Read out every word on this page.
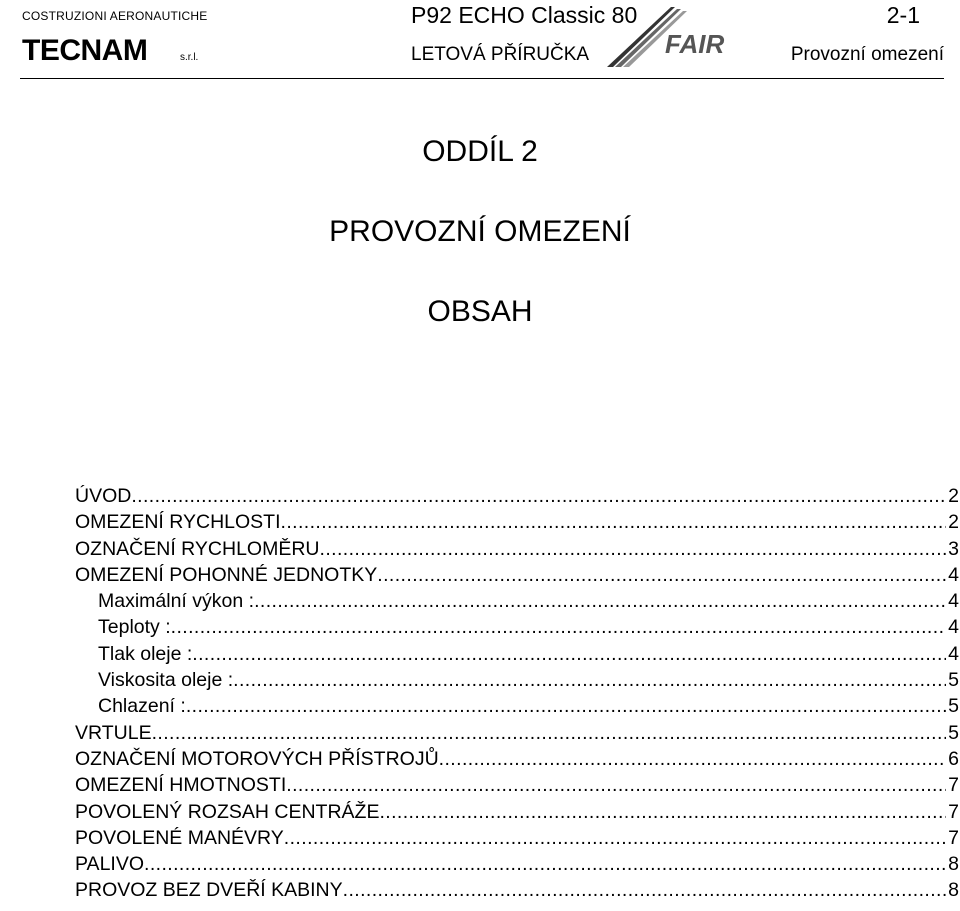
COSTRUZIONI AERONAUTICHE
TECNAM	s.r.l.
P92 ECHO Classic 80
LETOVÁ PŘÍRUČKA	FAIR
2-1
Provozní omezení
ODDÍL 2
PROVOZNÍ OMEZENÍ
OBSAH
ÚVOD .....	2
OMEZENÍ RYCHLOSTI .....	2
OZNAČENÍ RYCHLOMĚRU .....	3
OMEZENÍ POHONNÉ JEDNOTKY .....	4
Maximální výkon : .....	4
Teploty : .....	4
Tlak oleje : .....	4
Viskosita oleje : .....	5
Chlazení : .....	5
VRTULE .....	5
OZNAČENÍ MOTOROVÝCH PŘÍSTROJŮ .....	6
OMEZENÍ HMOTNOSTI .....	7
POVOLENÝ ROZSAH CENTRÁŽE .....	7
POVOLENÉ MANÉVRY .....	7
PALIVO .....	8
PROVOZ BEZ DVEŘÍ KABINY .....	8
